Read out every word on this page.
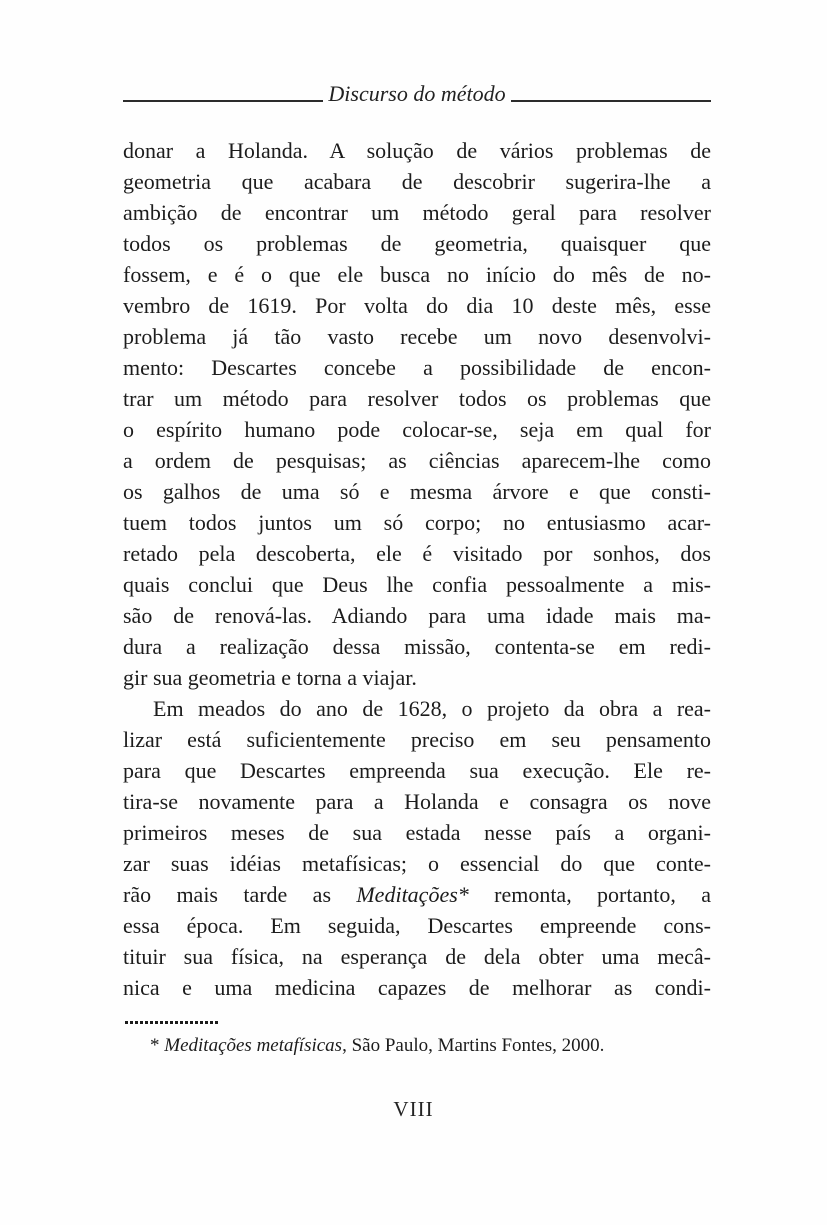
Discurso do método
donar a Holanda. A solução de vários problemas de
geometria que acabara de descobrir sugerira-lhe a
ambição de encontrar um método geral para resolver
todos os problemas de geometria, quaisquer que
fossem, e é o que ele busca no início do mês de no-
vembro de 1619. Por volta do dia 10 deste mês, esse
problema já tão vasto recebe um novo desenvolvi-
mento: Descartes concebe a possibilidade de encon-
trar um método para resolver todos os problemas que
o espírito humano pode colocar-se, seja em qual for
a ordem de pesquisas; as ciências aparecem-lhe como
os galhos de uma só e mesma árvore e que consti-
tuem todos juntos um só corpo; no entusiasmo acar-
retado pela descoberta, ele é visitado por sonhos, dos
quais conclui que Deus lhe confia pessoalmente a mis-
são de renová-las. Adiando para uma idade mais ma-
dura a realização dessa missão, contenta-se em redi-
gir sua geometria e torna a viajar.
Em meados do ano de 1628, o projeto da obra a rea-
lizar está suficientemente preciso em seu pensamento
para que Descartes empreenda sua execução. Ele re-
tira-se novamente para a Holanda e consagra os nove
primeiros meses de sua estada nesse país a organi-
zar suas idéias metafísicas; o essencial do que conte-
rão mais tarde as Meditações* remonta, portanto, a
essa época. Em seguida, Descartes empreende cons-
tituir sua física, na esperança de dela obter uma mecâ-
nica e uma medicina capazes de melhorar as condi-
* Meditações metafísicas, São Paulo, Martins Fontes, 2000.
VIII
